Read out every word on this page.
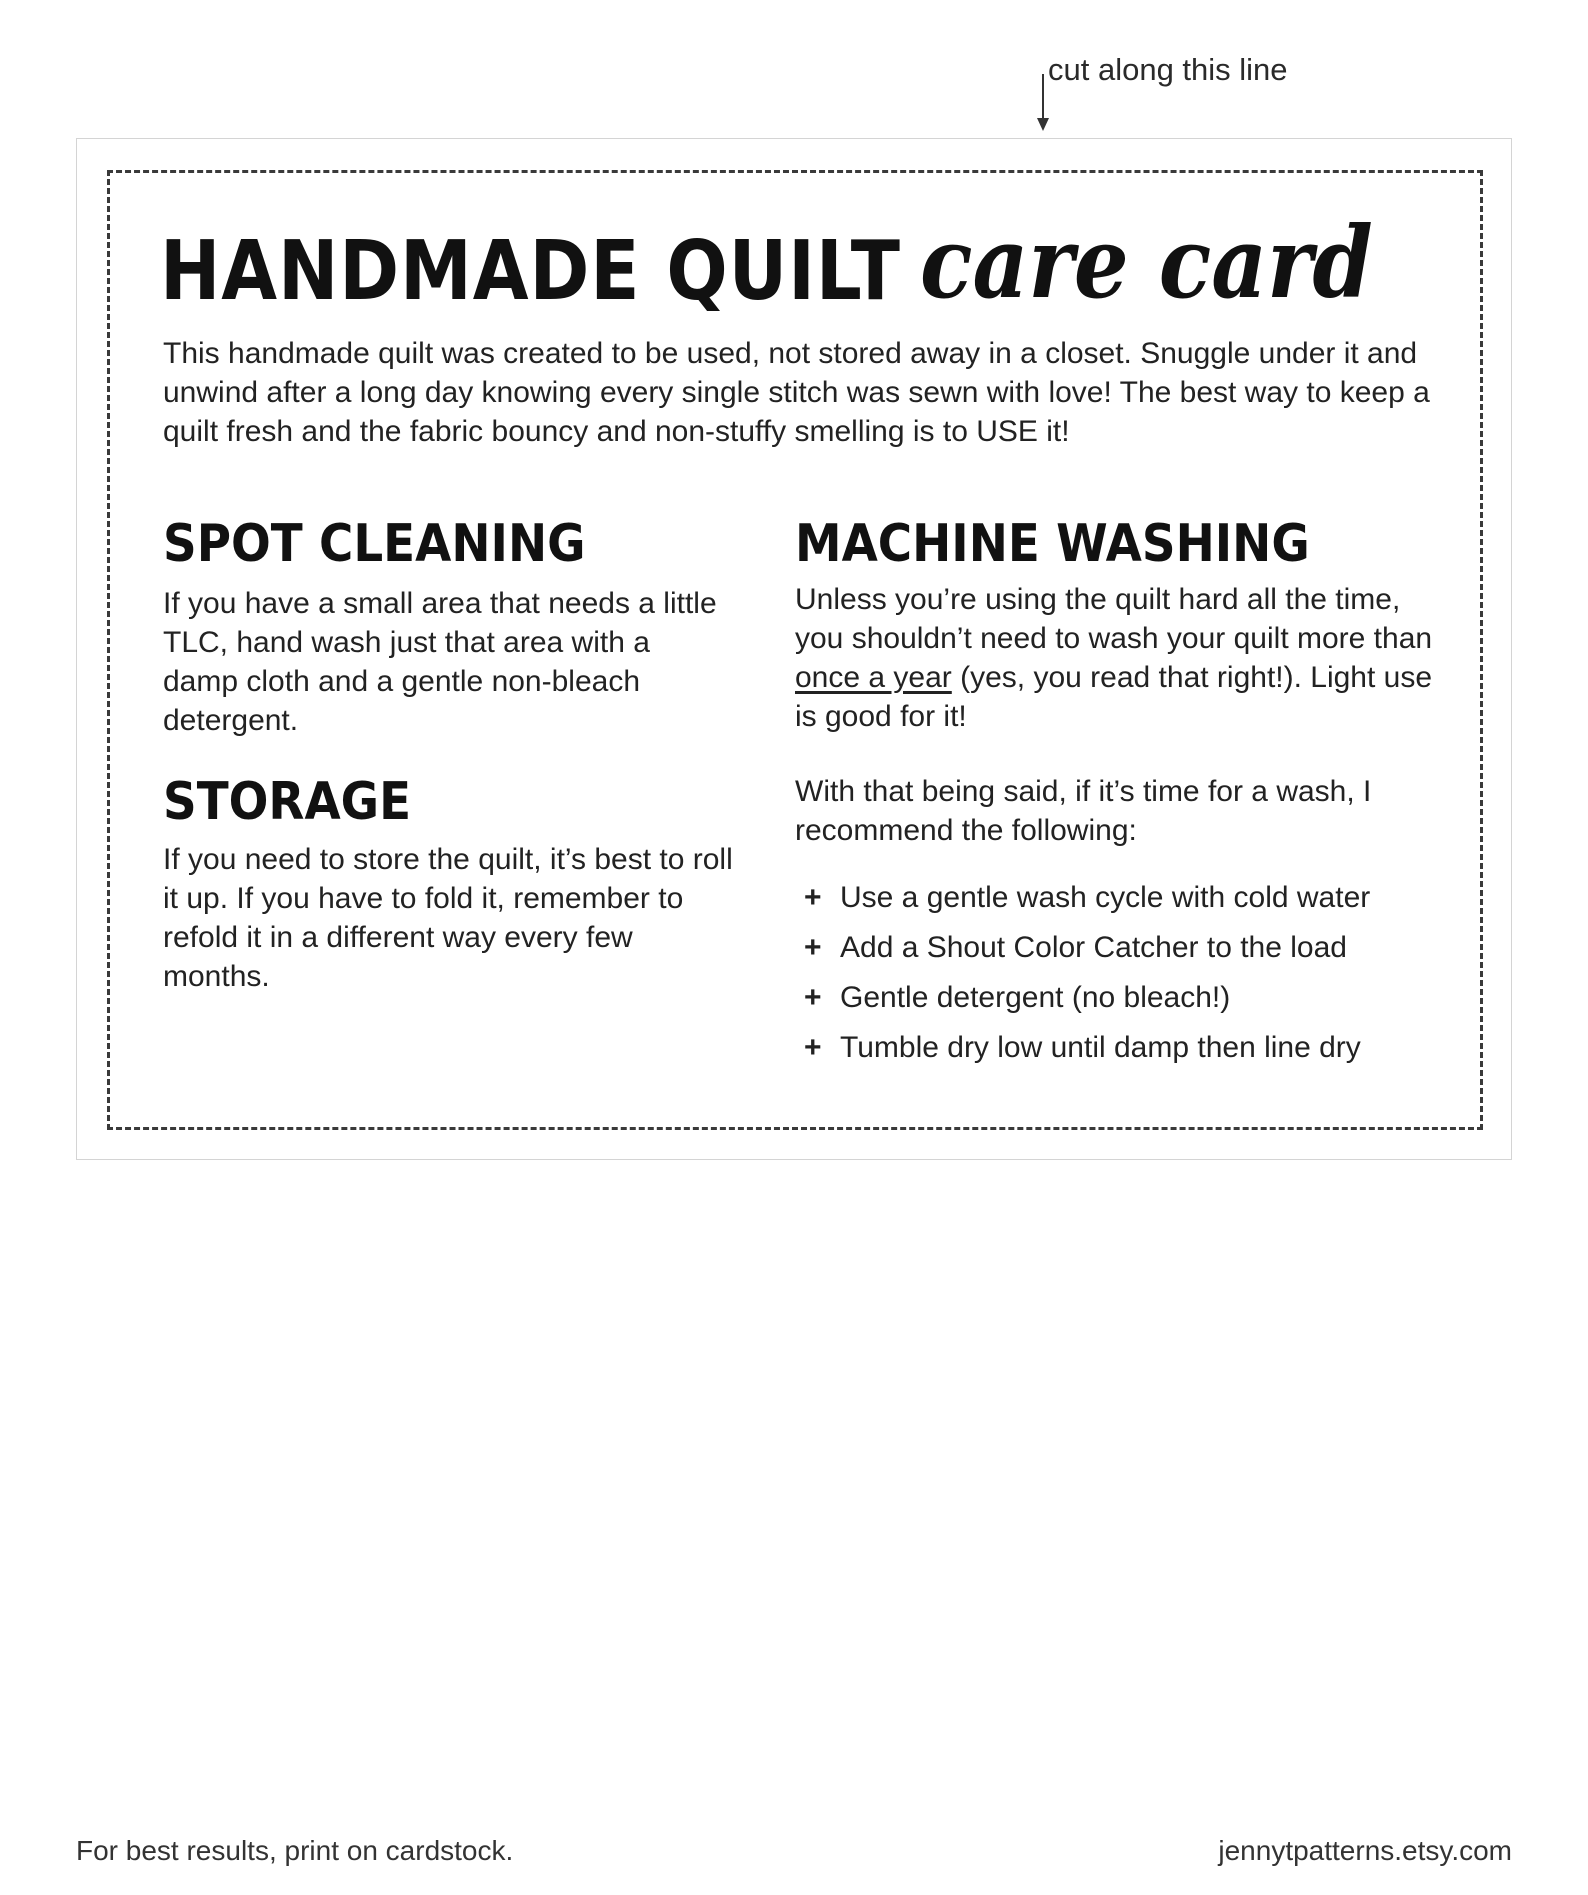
cut along this line
HANDMADE QUILT care card
This handmade quilt was created to be used, not stored away in a closet. Snuggle under it and unwind after a long day knowing every single stitch was sewn with love! The best way to keep a quilt fresh and the fabric bouncy and non-stuffy smelling is to USE it!
SPOT CLEANING
If you have a small area that needs a little TLC, hand wash just that area with a damp cloth and a gentle non-bleach detergent.
STORAGE
If you need to store the quilt, it’s best to roll it up. If you have to fold it, remember to refold it in a different way every few months.
MACHINE WASHING
Unless you’re using the quilt hard all the time, you shouldn’t need to wash your quilt more than once a year (yes, you read that right!). Light use is good for it!
With that being said, if it’s time for a wash, I recommend the following:
+ Use a gentle wash cycle with cold water
+ Add a Shout Color Catcher to the load
+ Gentle detergent (no bleach!)
+ Tumble dry low until damp then line dry
For best results, print on cardstock.	jennytpatterns.etsy.com
